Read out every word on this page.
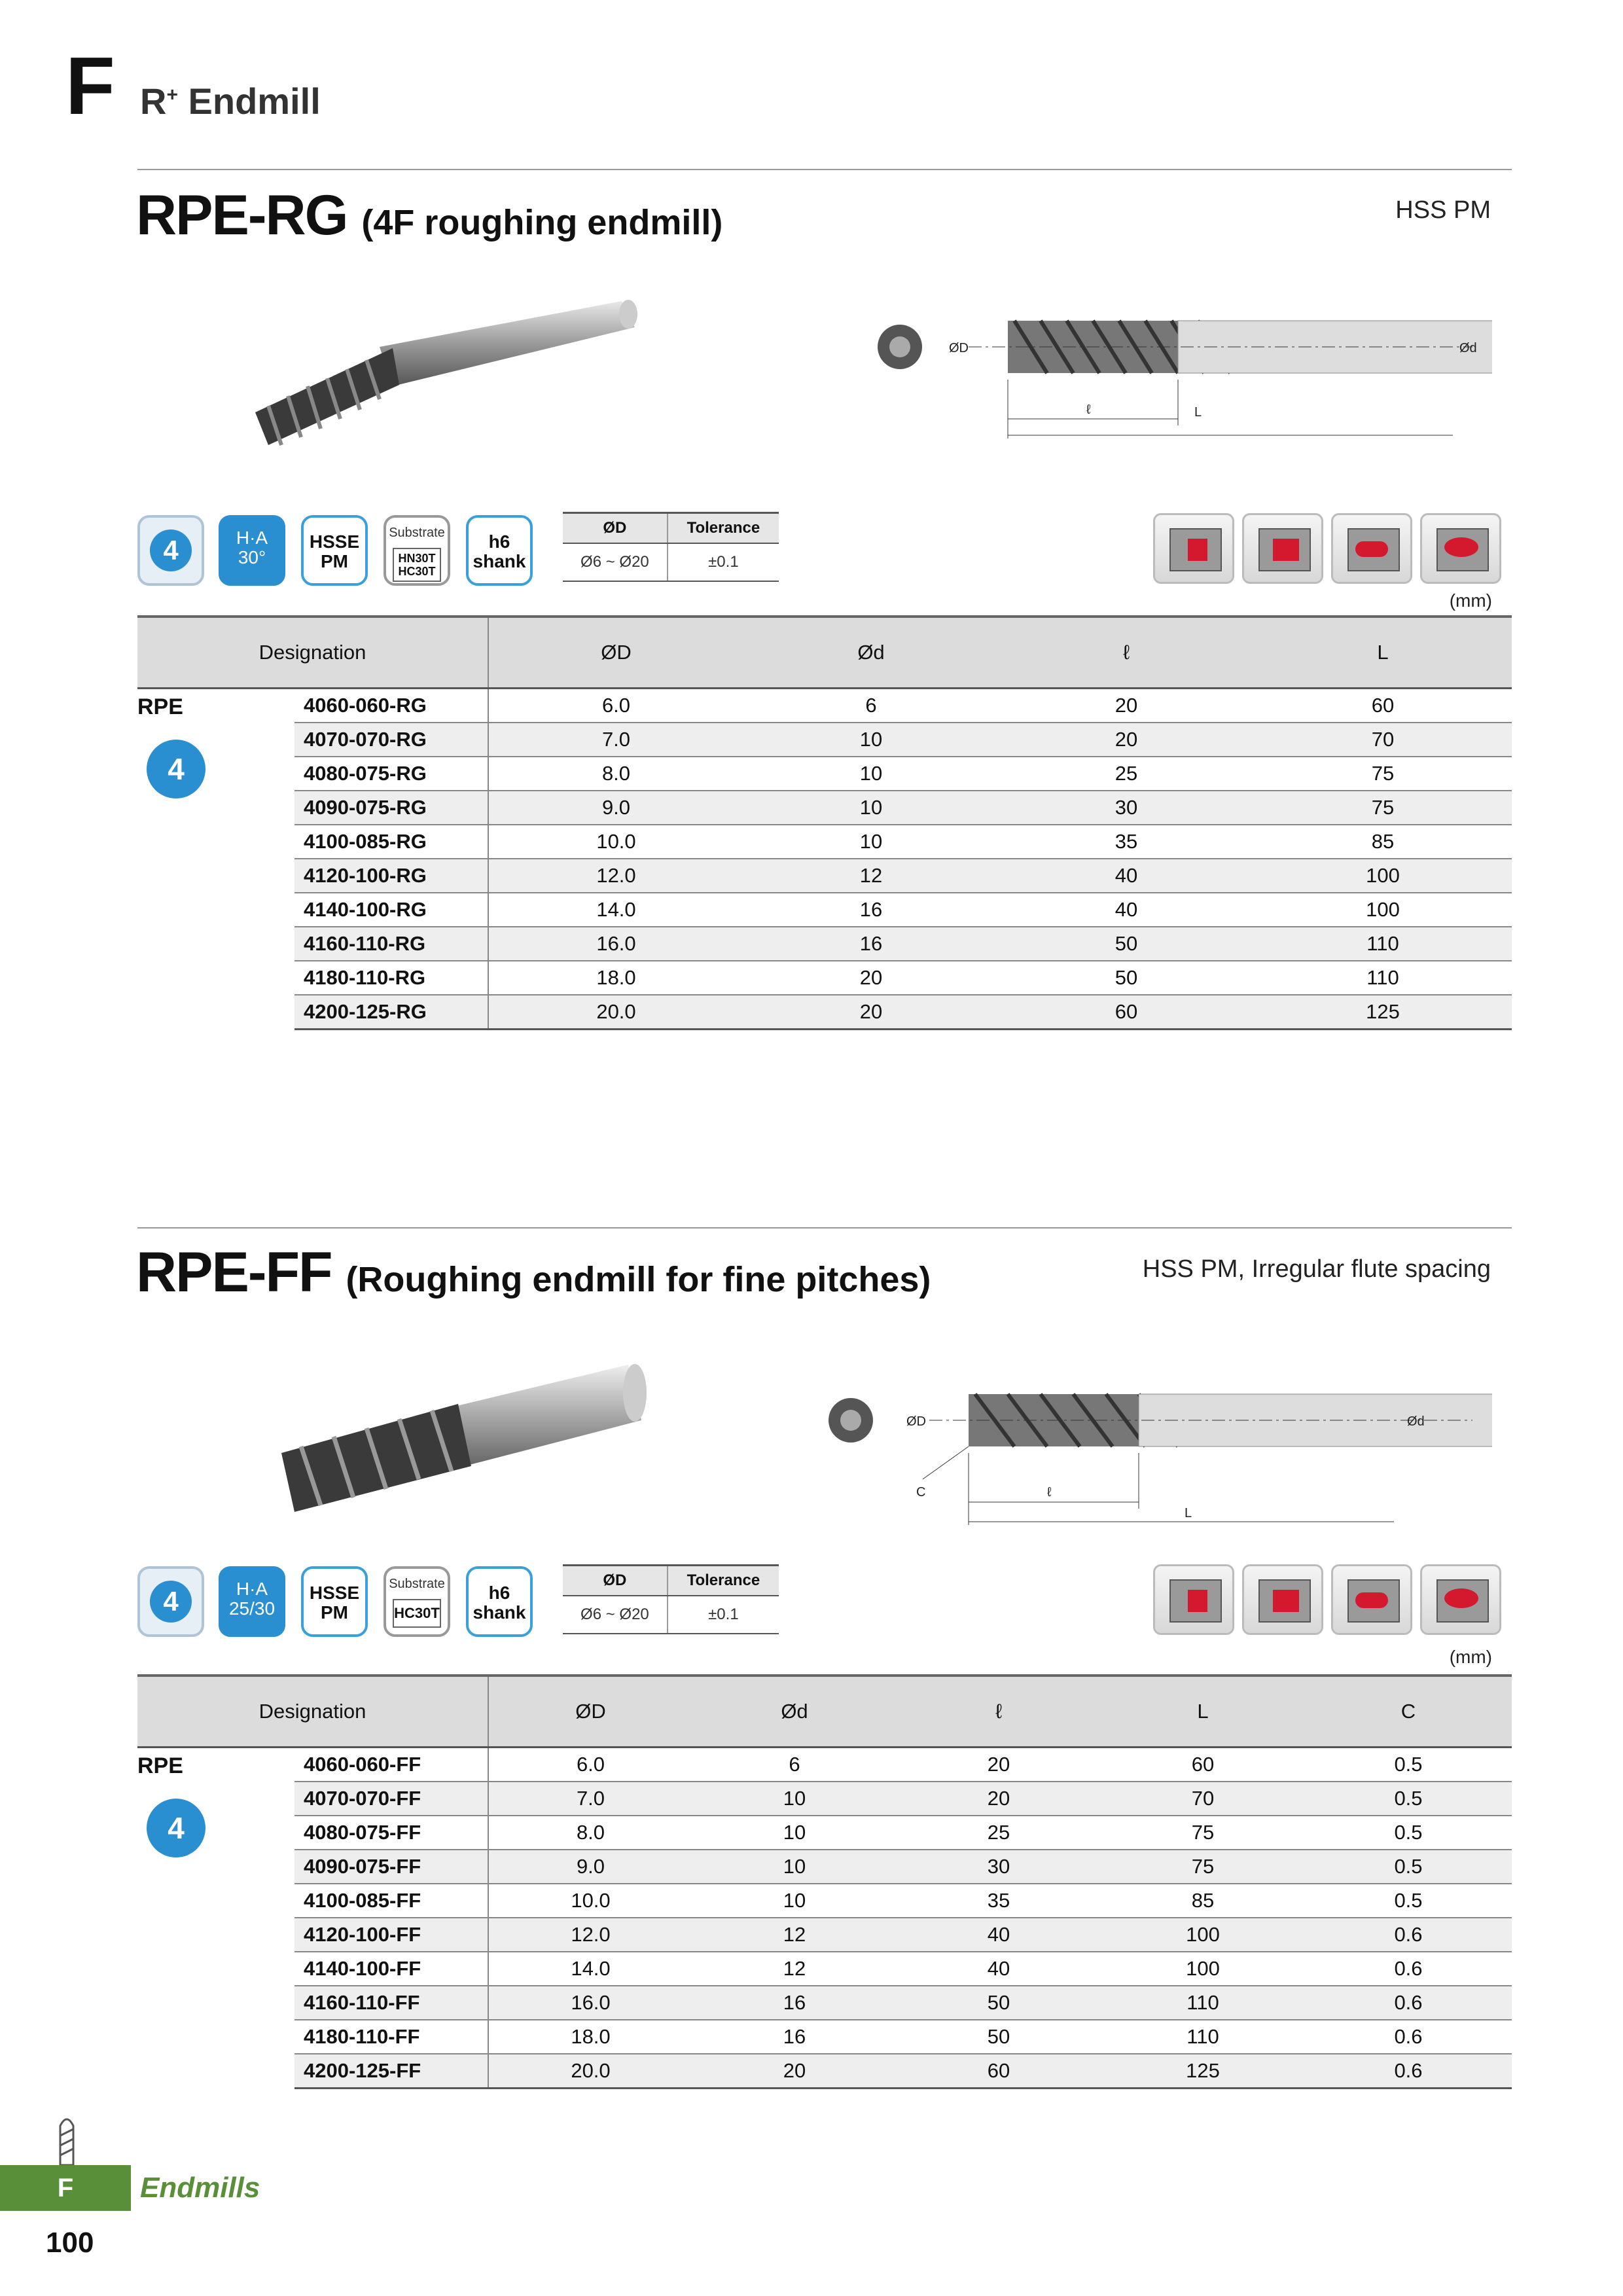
F R+ Endmill
RPE-RG (4F roughing endmill)	HSS PM
ØD	Ød
ℓ	L
4	H·A
30°
HSSE
PM
Substrate
HN30T
HC30T
h6
shank
ØD	Tolerance
Ø6 ~ Ø20	±0.1
(mm)
Designation		ØD	Ød	ℓ	L

RPE
4	4060-060-RG	6.0	6	20	60
	4070-070-RG	7.0	10	20	70
	4080-075-RG	8.0	10	25	75
	4090-075-RG	9.0	10	30	75
	4100-085-RG	10.0	10	35	85
	4120-100-RG	12.0	12	40	100
	4140-100-RG	14.0	16	40	100
	4160-110-RG	16.0	16	50	110
	4180-110-RG	18.0	20	50	110
	4200-125-RG	20.0	20	60	125
RPE-FF (Roughing endmill for fine pitches)	HSS PM, Irregular flute spacing
ØD	Ød
ℓ
L
C
4	H·A
25/30
HSSE
PM
Substrate
HC30T
h6
shank
ØD	Tolerance
Ø6 ~ Ø20	±0.1
(mm)
Designation		ØD	Ød	ℓ	L	C

RPE
4	4060-060-FF	6.0	6	20	60	0.5
	4070-070-FF	7.0	10	20	70	0.5
	4080-075-FF	8.0	10	25	75	0.5
	4090-075-FF	9.0	10	30	75	0.5
	4100-085-FF	10.0	10	35	85	0.5
	4120-100-FF	12.0	12	40	100	0.6
	4140-100-FF	14.0	12	40	100	0.6
	4160-110-FF	16.0	16	50	110	0.6
	4180-110-FF	18.0	16	50	110	0.6
	4200-125-FF	20.0	20	60	125	0.6
F	Endmills
100
